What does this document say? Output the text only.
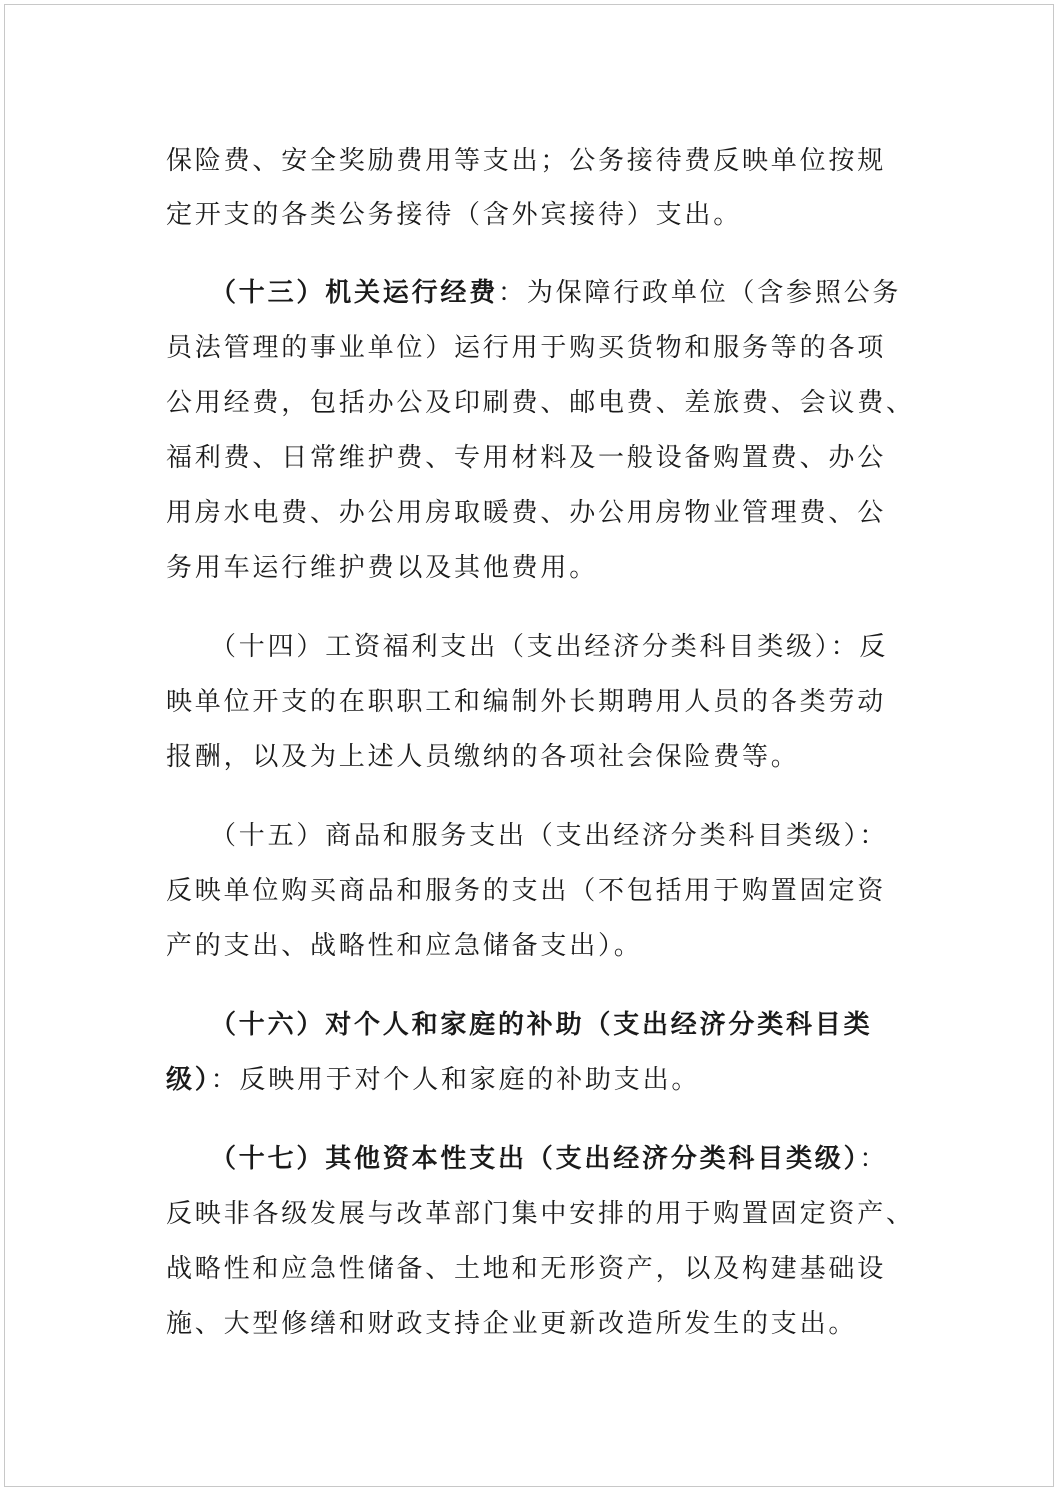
保险费、安全奖励费用等支出；公务接待费反映单位按规
定开支的各类公务接待（含外宾接待）支出。
（十三）机关运行经费：为保障行政单位（含参照公务
员法管理的事业单位）运行用于购买货物和服务等的各项
公用经费，包括办公及印刷费、邮电费、差旅费、会议费、
福利费、日常维护费、专用材料及一般设备购置费、办公
用房水电费、办公用房取暖费、办公用房物业管理费、公
务用车运行维护费以及其他费用。
（十四）工资福利支出（支出经济分类科目类级）：反
映单位开支的在职职工和编制外长期聘用人员的各类劳动
报酬，以及为上述人员缴纳的各项社会保险费等。
（十五）商品和服务支出（支出经济分类科目类级）：
反映单位购买商品和服务的支出（不包括用于购置固定资
产的支出、战略性和应急储备支出）。
（十六）对个人和家庭的补助（支出经济分类科目类
级）：反映用于对个人和家庭的补助支出。
（十七）其他资本性支出（支出经济分类科目类级）：
反映非各级发展与改革部门集中安排的用于购置固定资产、
战略性和应急性储备、土地和无形资产，以及构建基础设
施、大型修缮和财政支持企业更新改造所发生的支出。
